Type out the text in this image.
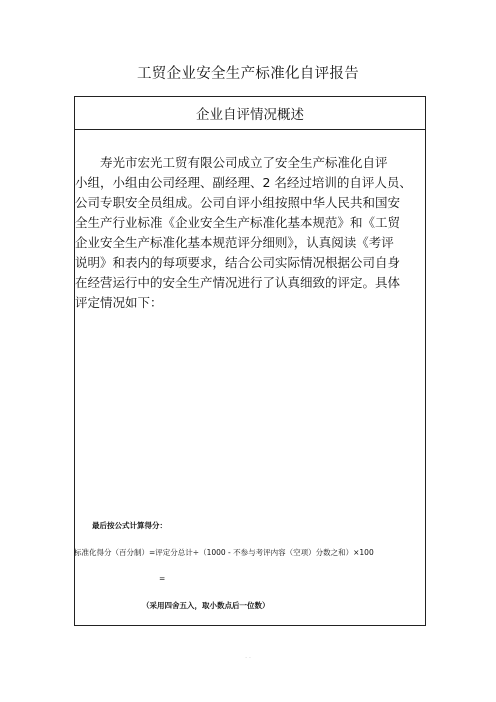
工贸企业安全生产标准化自评报告
企业自评情况概述
寿光市宏光工贸有限公司成立了安全生产标准化自评
小组，小组由公司经理、副经理、2 名经过培训的自评人员、
公司专职安全员组成。公司自评小组按照中华人民共和国安
全生产行业标准《企业安全生产标准化基本规范》和《工贸
企业安全生产标准化基本规范评分细则》，认真阅读《考评
说明》和表内的每项要求，结合公司实际情况根据公司自身
在经营运行中的安全生产情况进行了认真细致的评定。具体
评定情况如下：
最后按公式计算得分：
标准化得分（百分制）=评定分总计÷（1000 - 不参与考评内容（空项）分数之和）×100
=
（采用四舍五入，取小数点后一位数）
· ·
